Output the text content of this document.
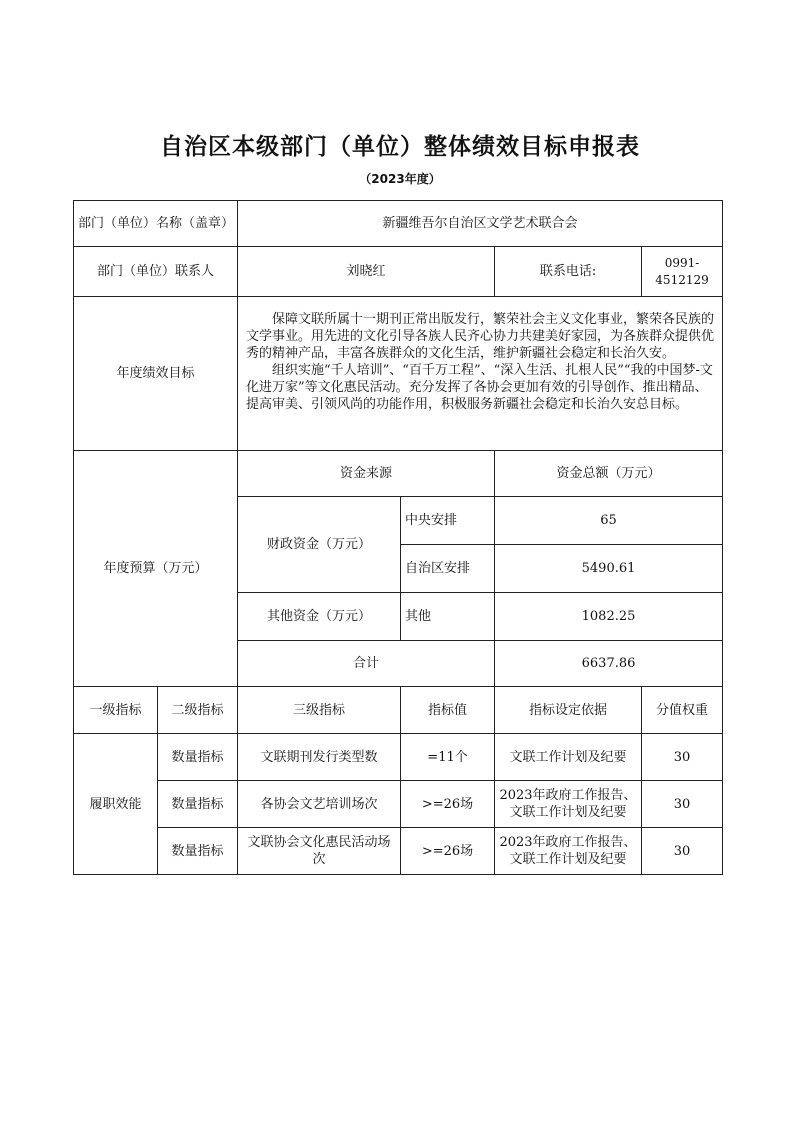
自治区本级部门（单位）整体绩效目标申报表
（2023年度）
部门（单位）名称（盖章）		新疆维吾尔自治区文学艺术联合会			
部门（单位）联系人		刘晓红		联系电话:	0991-4512129
年度绩效目标		保障文联所属十一期刊正常出版发行，繁荣社会主义文化事业，繁荣各民族的文学事业。用先进的文化引导各族人民齐心协力共建美好家园，为各族群众提供优秀的精神产品，丰富各族群众的文化生活，维护新疆社会稳定和长治久安。

组织实施“千人培训”、“百千万工程”、“深入生活、扎根人民”“我的中国梦-文化进万家”等文化惠民活动。充分发挥了各协会更加有效的引导创作、推出精品、提高审美、引领风尚的功能作用，积极服务新疆社会稳定和长治久安总目标。			

年度预算（万元）		资金来源		资金总额（万元）	
		财政资金（万元）	中央安排	65	
			自治区安排	5490.61	
		其他资金（万元）	其他	1082.25	
		合计		6637.86	

一级指标	二级指标	三级指标	指标值	指标设定依据	分值权重
履职效能	数量指标	文联期刊发行类型数	=11个	文联工作计划及纪要	30
	数量指标	各协会文艺培训场次	>=26场	2023年政府工作报告、文联工作计划及纪要	30
	数量指标	文联协会文化惠民活动场次	>=26场	2023年政府工作报告、文联工作计划及纪要	30
